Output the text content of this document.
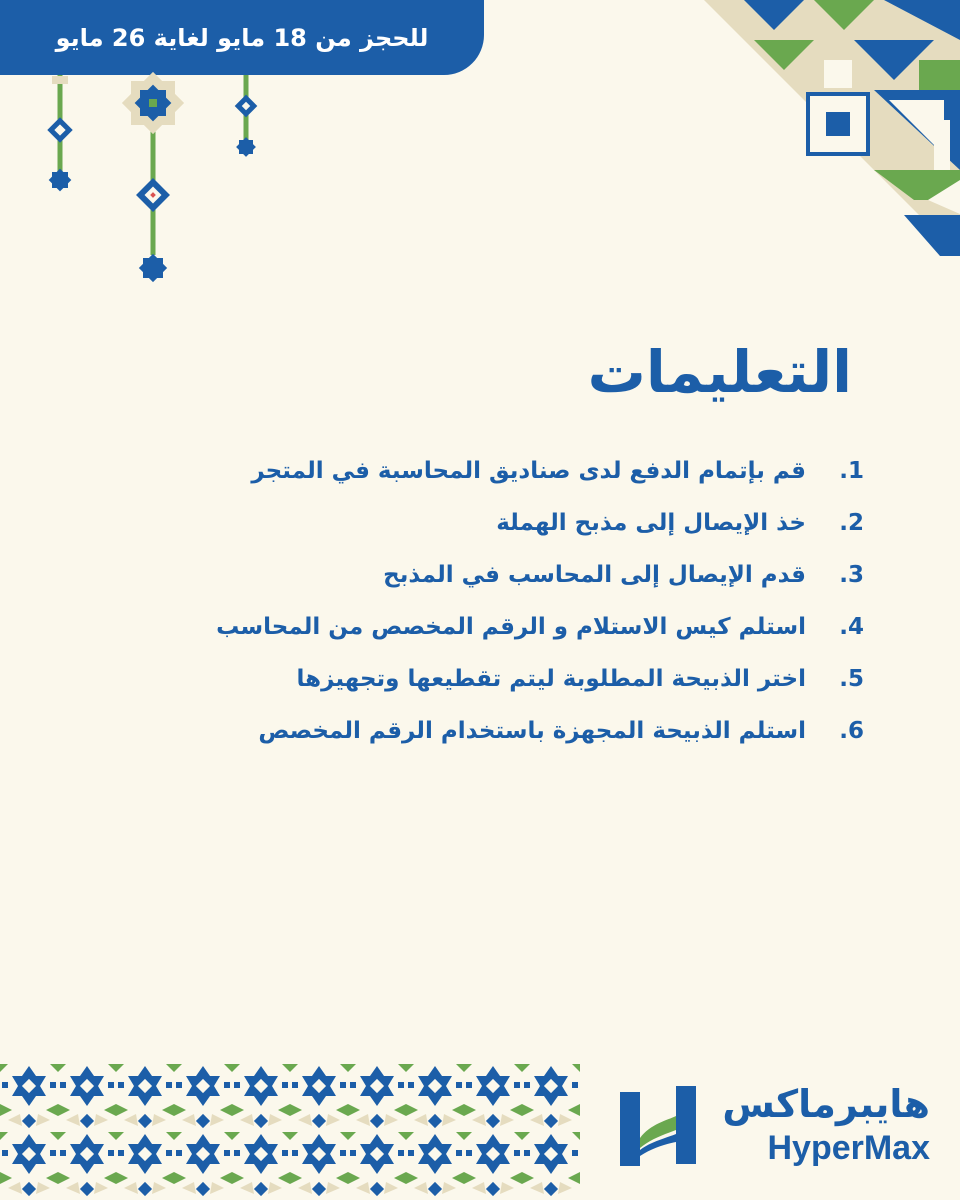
للحجز من 18 مايو لغاية 26 مايو
التعليمات
1.
قم بإتمام الدفع لدى صناديق المحاسبة في المتجر
2.
خذ الإيصال إلى مذبح الهملة
3.
قدم الإيصال إلى المحاسب في المذبح
4.
استلم كيس الاستلام و الرقم المخصص من المحاسب
5.
اختر الذبيحة المطلوبة ليتم تقطيعها وتجهيزها
6.
استلم الذبيحة المجهزة باستخدام الرقم المخصص
هايبرماكس
HyperMax
